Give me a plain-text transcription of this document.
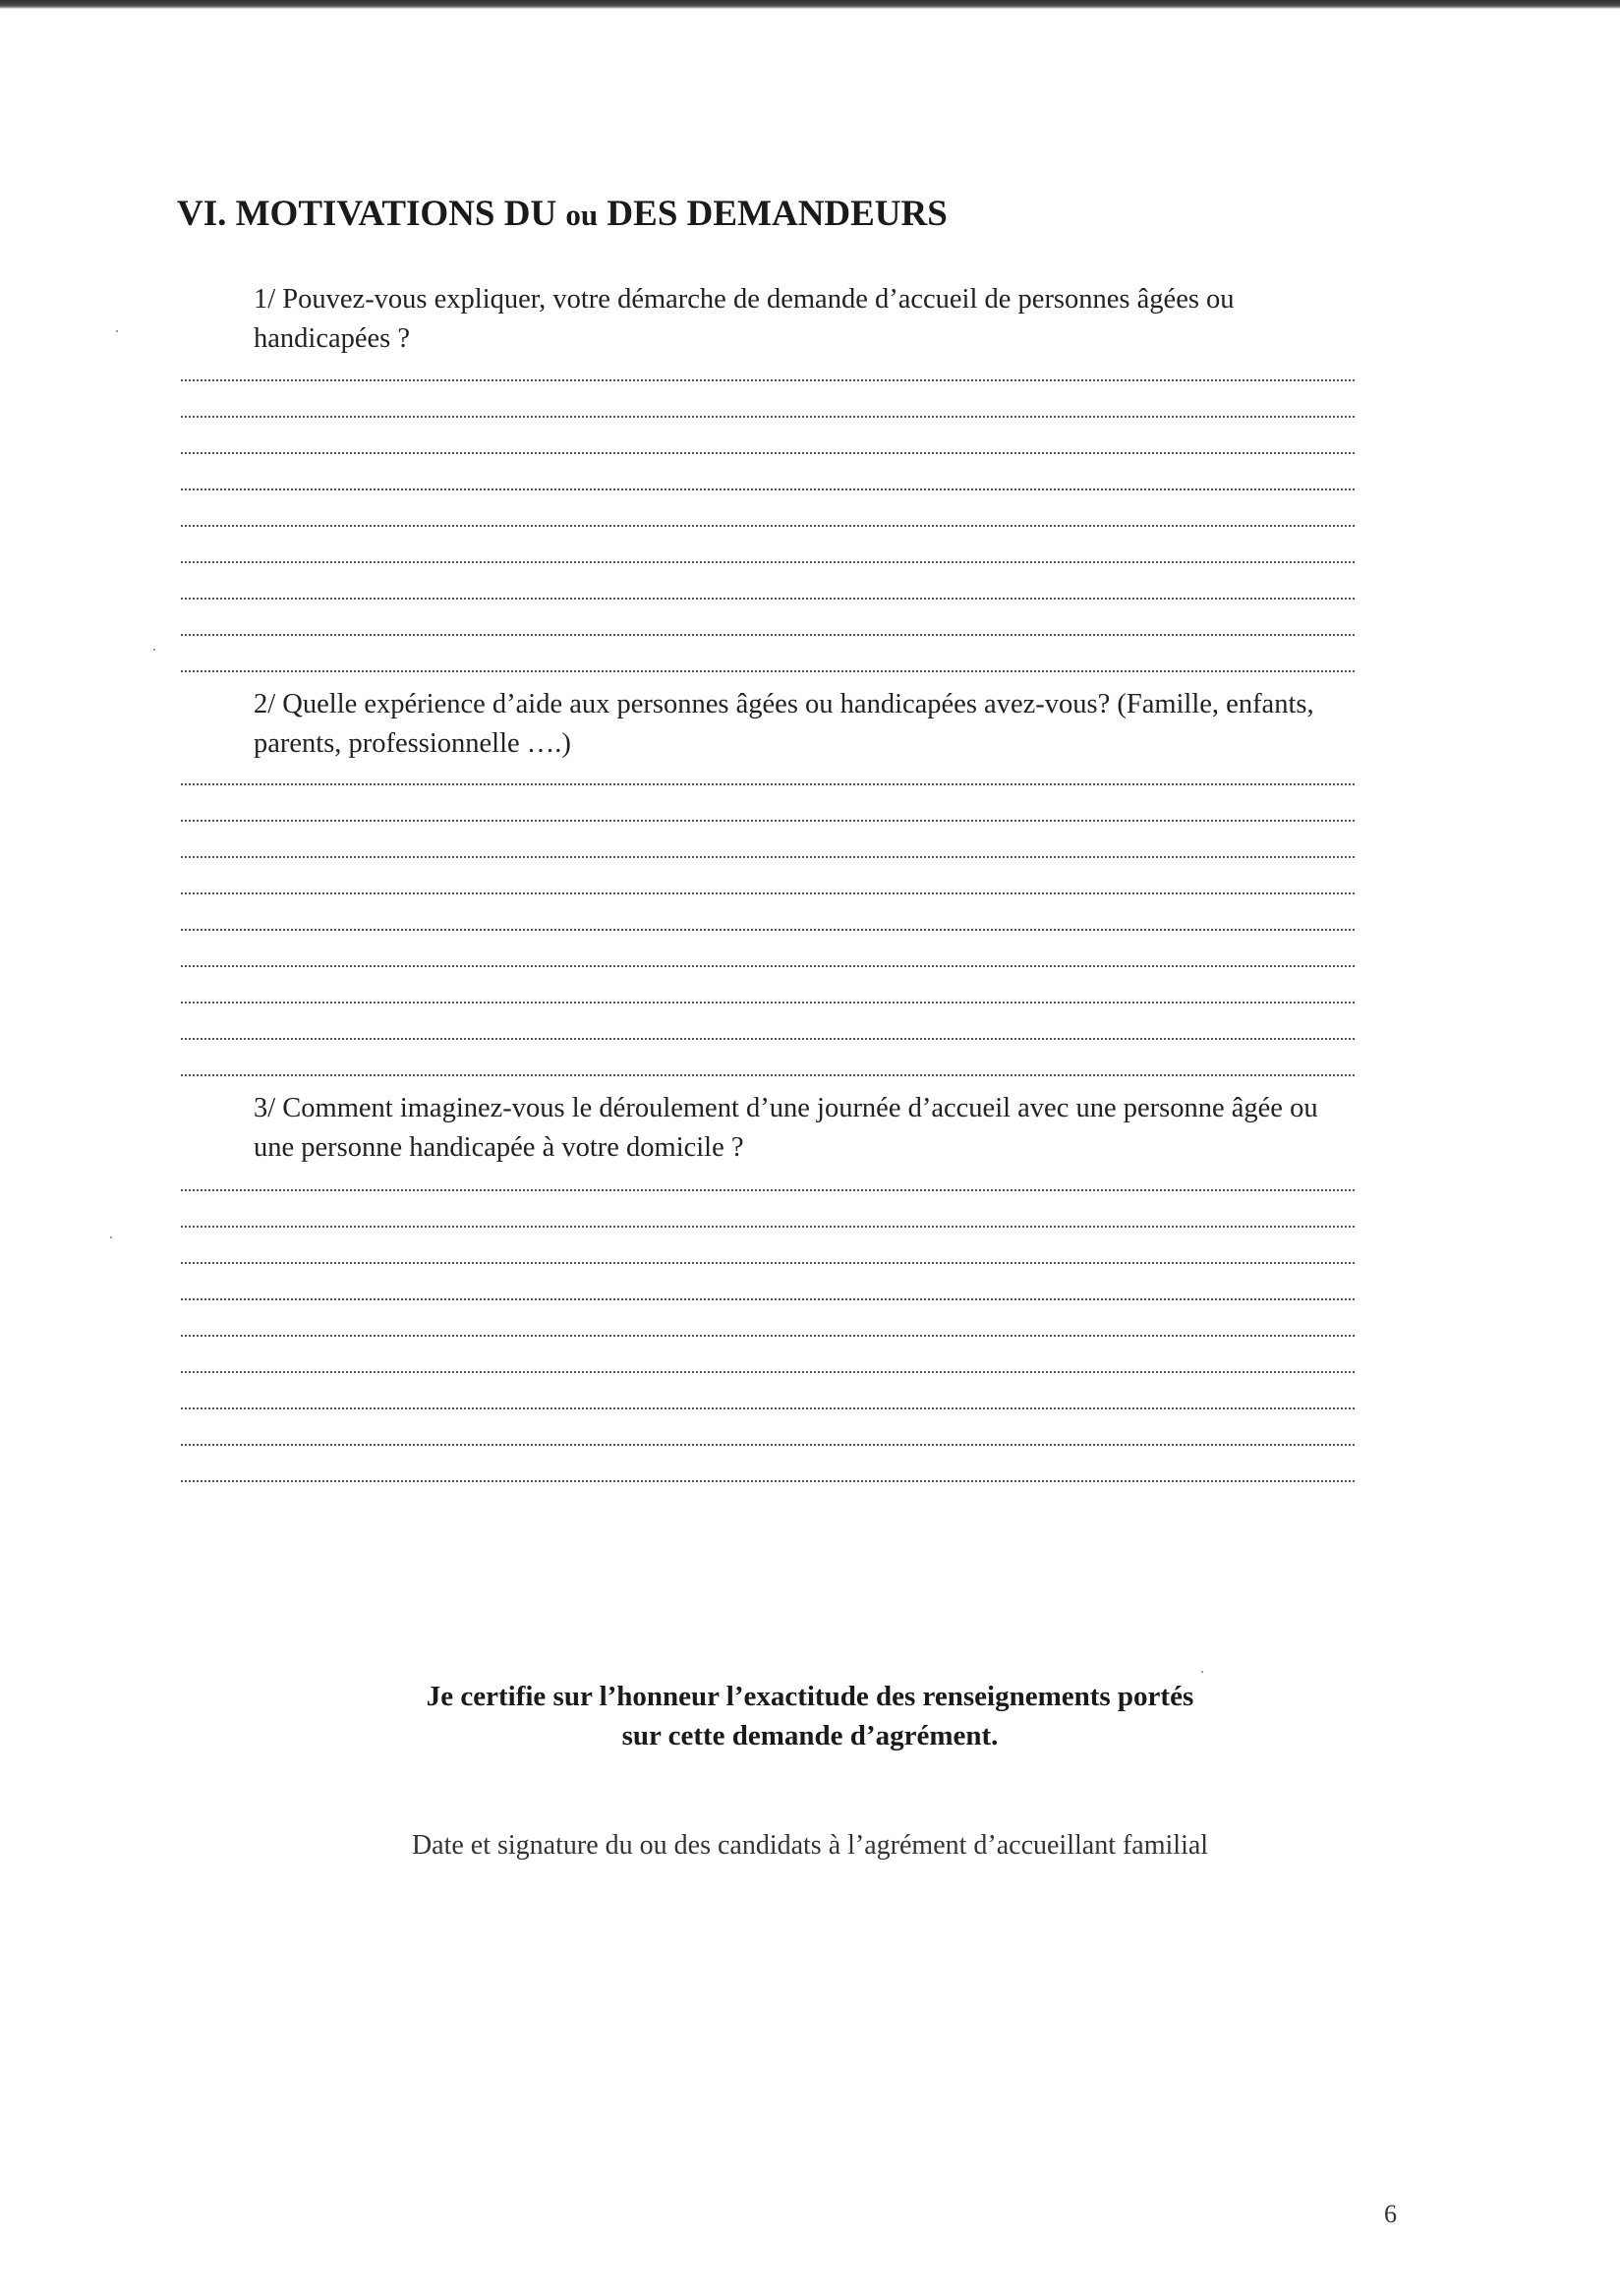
VI. MOTIVATIONS DU ou DES DEMANDEURS
1/ Pouvez-vous expliquer, votre démarche de demande d’accueil de personnes âgées ou handicapées ?
2/ Quelle expérience d’aide aux personnes âgées ou handicapées avez-vous? (Famille, enfants, parents, professionnelle ….)
3/ Comment imaginez-vous le déroulement d’une journée d’accueil avec une personne âgée ou une personne handicapée à votre domicile ?
Je certifie sur l’honneur l’exactitude des renseignements portés
sur cette demande d’agrément.
Date et signature du ou des candidats à l’agrément d’accueillant familial
6
